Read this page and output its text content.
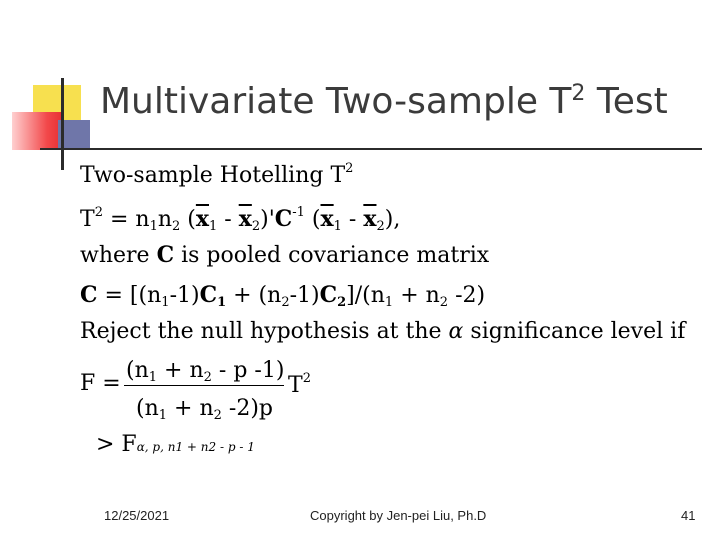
Multivariate Two-sample $T^2$ Test
Two-sample Hotelling $T^2$
$T^2 = n_1n_2$ $(\overline{x}_1 - \overline{x}_2)'C^{-1}$ $(\overline{x}_1 - \overline{x}_2)$,
where C is pooled covariance matrix
$C = [(n_1-1)C_1 + (n_2-1)C_2]/(n_1 + n_2$ -2)
Reject the null hypothesis at the α significance level if
F =
($n_1 + n_2 - p$ -1)
$T^2$
($n_1 + n_2$ -2)p
> Fα, p, n1 + n2 - p - 1
12/25/2021	Copyright by Jen-pei Liu, Ph.D	41
